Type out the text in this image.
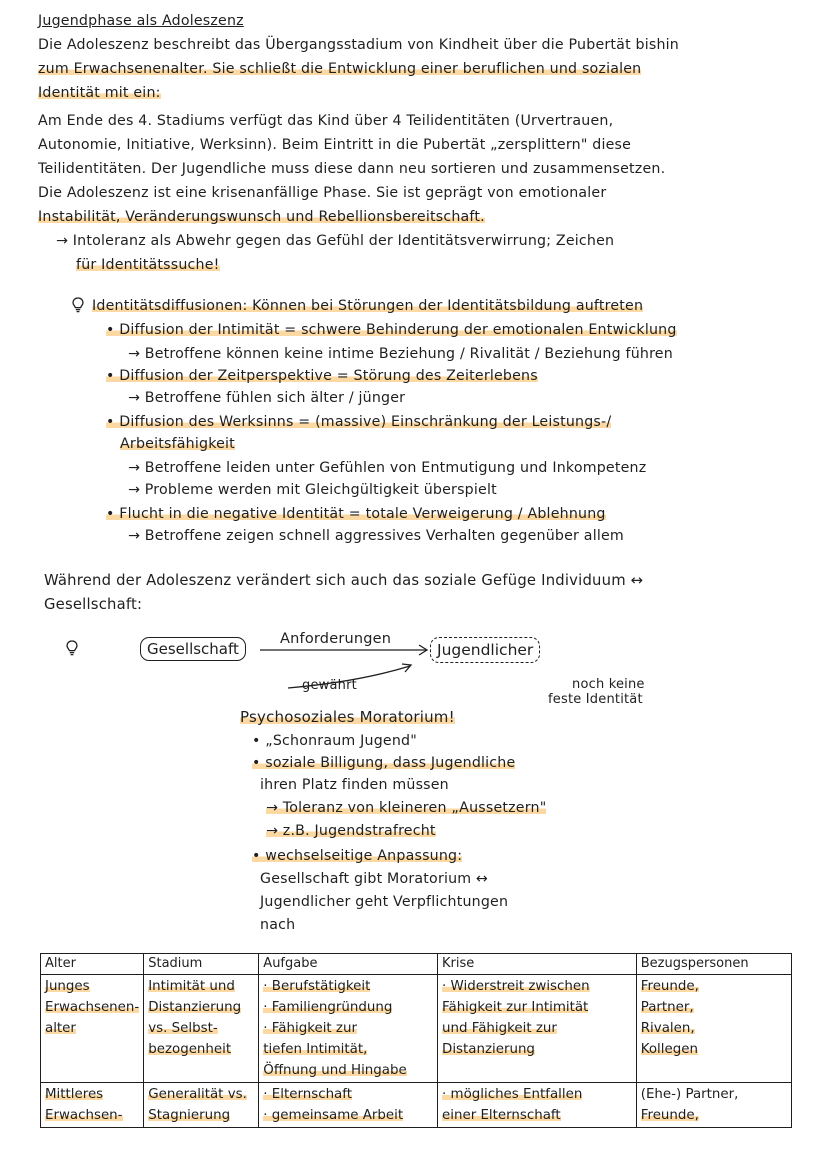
Jugendphase als Adoleszenz
Die Adoleszenz beschreibt das Übergangsstadium von Kindheit über die Pubertät bishin
zum Erwachsenenalter. Sie schließt die Entwicklung einer beruflichen und sozialen
Identität mit ein:
Am Ende des 4. Stadiums verfügt das Kind über 4 Teilidentitäten (Urvertrauen,
Autonomie, Initiative, Werksinn). Beim Eintritt in die Pubertät „zersplittern" diese
Teilidentitäten. Der Jugendliche muss diese dann neu sortieren und zusammensetzen.
Die Adoleszenz ist eine krisenanfällige Phase. Sie ist geprägt von emotionaler
Instabilität, Veränderungswunsch und Rebellionsbereitschaft.
→ Intoleranz als Abwehr gegen das Gefühl der Identitätsverwirrung; Zeichen
für Identitätssuche!
Identitätsdiffusionen: Können bei Störungen der Identitätsbildung auftreten
• Diffusion der Intimität = schwere Behinderung der emotionalen Entwicklung
→ Betroffene können keine intime Beziehung / Rivalität / Beziehung führen
• Diffusion der Zeitperspektive = Störung des Zeiterlebens
→ Betroffene fühlen sich älter / jünger
• Diffusion des Werksinns = (massive) Einschränkung der Leistungs-/
Arbeitsfähigkeit
→ Betroffene leiden unter Gefühlen von Entmutigung und Inkompetenz
→ Probleme werden mit Gleichgültigkeit überspielt
• Flucht in die negative Identität = totale Verweigerung / Ablehnung
→ Betroffene zeigen schnell aggressives Verhalten gegenüber allem
Während der Adoleszenz verändert sich auch das soziale Gefüge Individuum ↔
Gesellschaft:
Gesellschaft
Anforderungen
Jugendlicher
gewährt	noch keine
feste Identität
Psychosoziales Moratorium!
• „Schonraum Jugend"
• soziale Billigung, dass Jugendliche
ihren Platz finden müssen
→ Toleranz von kleineren „Aussetzern"
→ z.B. Jugendstrafrecht
• wechselseitige Anpassung:
Gesellschaft gibt Moratorium ↔
Jugendlicher geht Verpflichtungen
nach
Alter	Stadium	Aufgabe	Krise	Bezugspersonen

Junges
Erwachsenen-
alter	Intimität und
Distanzierung
vs. Selbst-
bezogenheit	· Berufstätigkeit
· Familiengründung
· Fähigkeit zur
tiefen Intimität,
Öffnung und Hingabe	· Widerstreit zwischen
Fähigkeit zur Intimität
und Fähigkeit zur
Distanzierung	Freunde,
Partner,
Rivalen,
Kollegen

Mittleres
Erwachsen-	Generalität vs.
Stagnierung	· Elternschaft
· gemeinsame Arbeit	· mögliches Entfallen
einer Elternschaft	(Ehe-) Partner,
Freunde,
